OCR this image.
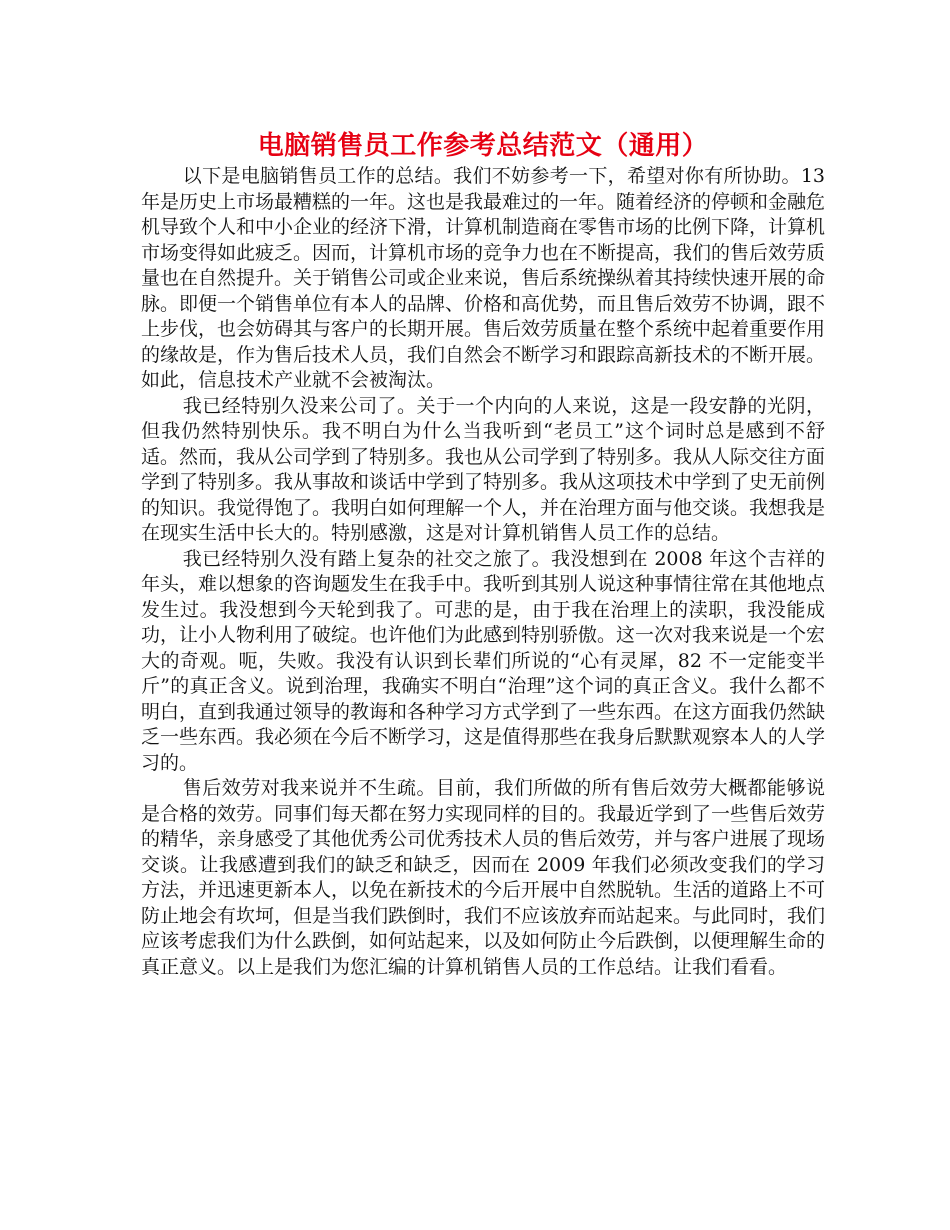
电脑销售员工作参考总结范文（通用）

以下是电脑销售员工作的总结。我们不妨参考一下，希望对你有所协助。13年是历史上市场最糟糕的一年。这也是我最难过的一年。随着经济的停顿和金融危机导致个人和中小企业的经济下滑，计算机制造商在零售市场的比例下降，计算机市场变得如此疲乏。因而，计算机市场的竞争力也在不断提高，我们的售后效劳质量也在自然提升。关于销售公司或企业来说，售后系统操纵着其持续快速开展的命脉。即便一个销售单位有本人的品牌、价格和高优势，而且售后效劳不协调，跟不上步伐，也会妨碍其与客户的长期开展。售后效劳质量在整个系统中起着重要作用的缘故是，作为售后技术人员，我们自然会不断学习和跟踪高新技术的不断开展。如此，信息技术产业就不会被淘汰。

我已经特别久没来公司了。关于一个内向的人来说，这是一段安静的光阴，但我仍然特别快乐。我不明白为什么当我听到“老员工”这个词时总是感到不舒适。然而，我从公司学到了特别多。我也从公司学到了特别多。我从人际交往方面学到了特别多。我从事故和谈话中学到了特别多。我从这项技术中学到了史无前例的知识。我觉得饱了。我明白如何理解一个人，并在治理方面与他交谈。我想我是在现实生活中长大的。特别感激，这是对计算机销售人员工作的总结。

我已经特别久没有踏上复杂的社交之旅了。我没想到在 2008 年这个吉祥的年头，难以想象的咨询题发生在我手中。我听到其别人说这种事情往常在其他地点发生过。我没想到今天轮到我了。可悲的是，由于我在治理上的渎职，我没能成功，让小人物利用了破绽。也许他们为此感到特别骄傲。这一次对我来说是一个宏大的奇观。呃，失败。我没有认识到长辈们所说的“心有灵犀，82 不一定能变半斤”的真正含义。说到治理，我确实不明白“治理”这个词的真正含义。我什么都不明白，直到我通过领导的教诲和各种学习方式学到了一些东西。在这方面我仍然缺乏一些东西。我必须在今后不断学习，这是值得那些在我身后默默观察本人的人学习的。

售后效劳对我来说并不生疏。目前，我们所做的所有售后效劳大概都能够说是合格的效劳。同事们每天都在努力实现同样的目的。我最近学到了一些售后效劳的精华，亲身感受了其他优秀公司优秀技术人员的售后效劳，并与客户进展了现场交谈。让我感遭到我们的缺乏和缺乏，因而在 2009 年我们必须改变我们的学习方法，并迅速更新本人，以免在新技术的今后开展中自然脱轨。生活的道路上不可防止地会有坎坷，但是当我们跌倒时，我们不应该放弃而站起来。与此同时，我们应该考虑我们为什么跌倒，如何站起来，以及如何防止今后跌倒，以便理解生命的真正意义。以上是我们为您汇编的计算机销售人员的工作总结。让我们看看。
